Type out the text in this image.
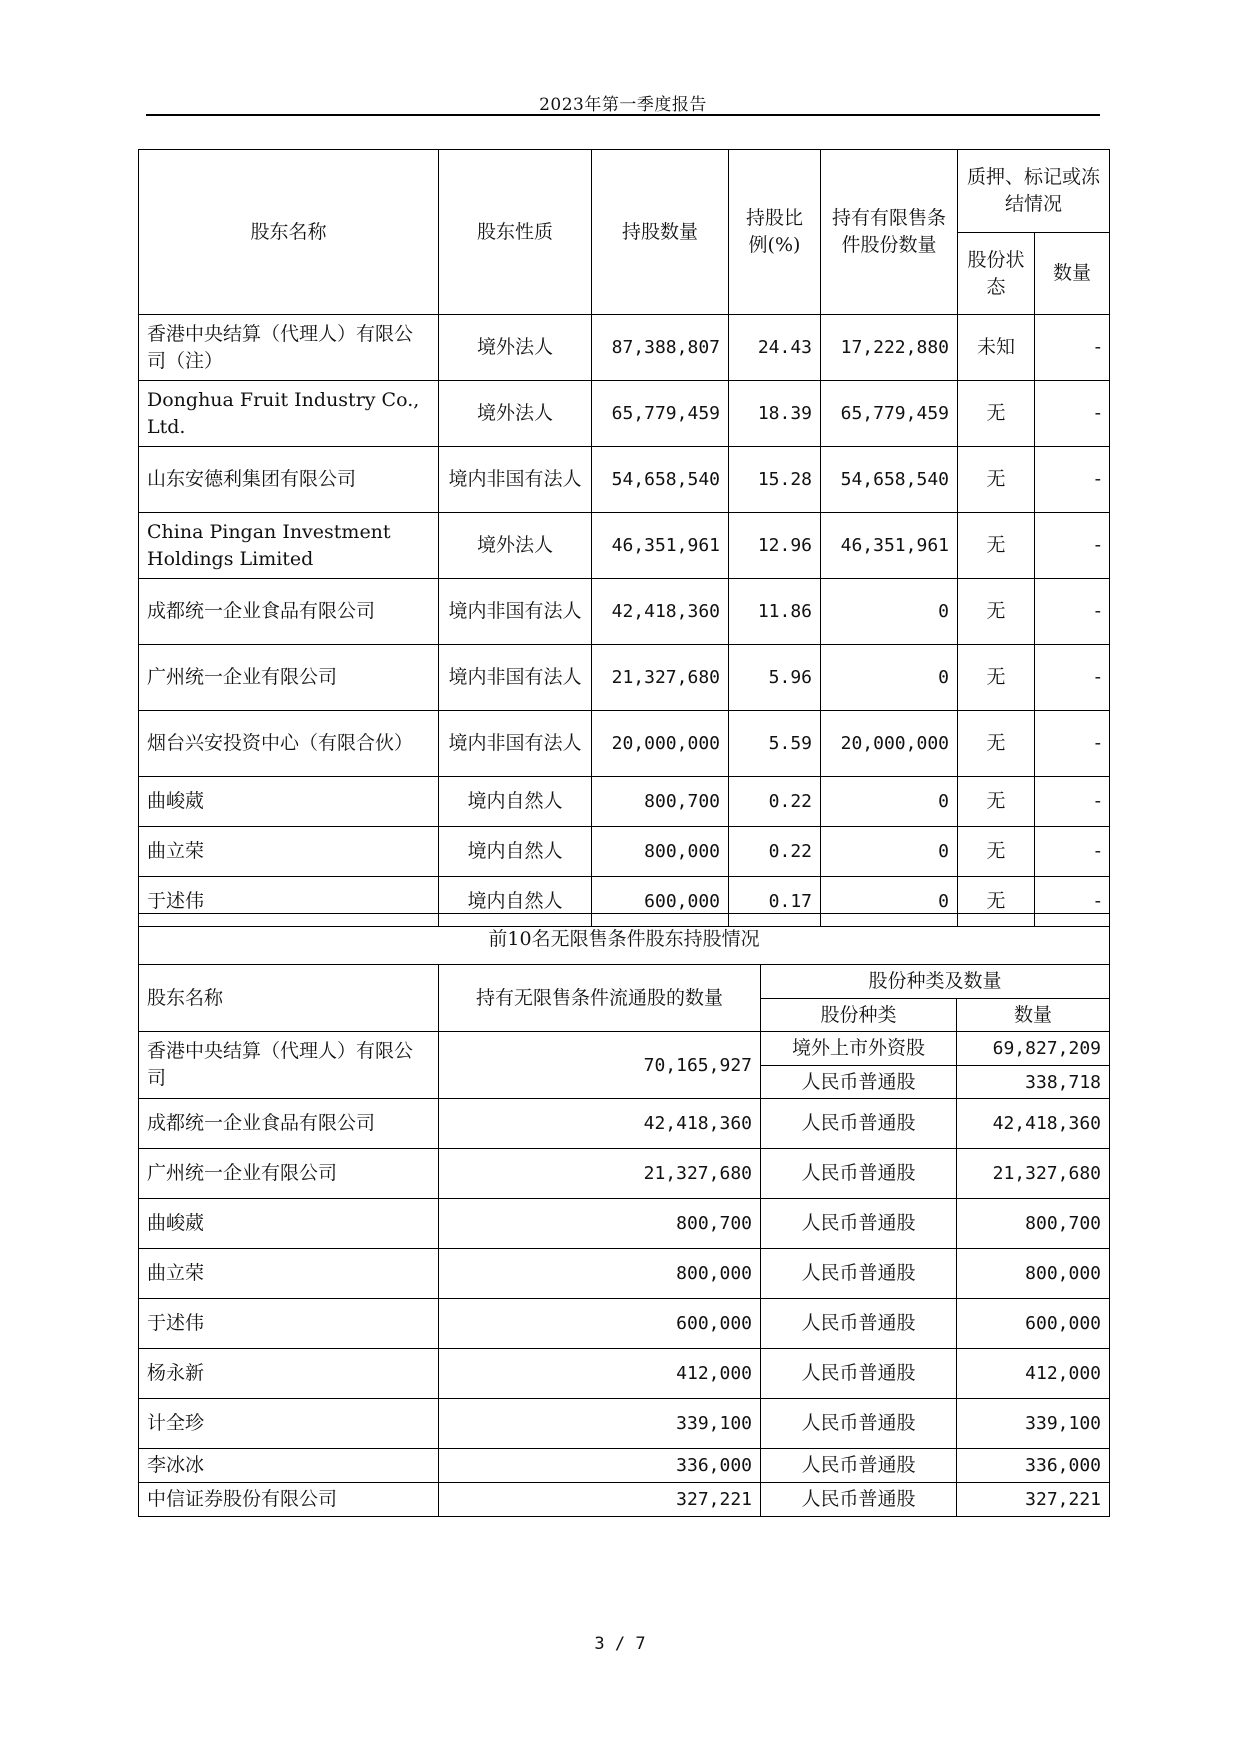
2023年第一季度报告
股东名称	股东性质	持股数量	持股比例(%)	持有有限售条件股份数量	质押、标记或冻结情况	
					股份状态	数量
香港中央结算（代理人）有限公司（注）	境外法人	87,388,807	24.43	17,222,880	未知	-
Donghua Fruit Industry Co., Ltd.	境外法人	65,779,459	18.39	65,779,459	无	-
山东安德利集团有限公司	境内非国有法人	54,658,540	15.28	54,658,540	无	-
China Pingan Investment Holdings Limited	境外法人	46,351,961	12.96	46,351,961	无	-
成都统一企业食品有限公司	境内非国有法人	42,418,360	11.86	0	无	-
广州统一企业有限公司	境内非国有法人	21,327,680	5.96	0	无	-
烟台兴安投资中心（有限合伙）	境内非国有法人	20,000,000	5.59	20,000,000	无	-
曲峻葳	境内自然人	800,700	0.22	0	无	-
曲立荣	境内自然人	800,000	0.22	0	无	-
于述伟	境内自然人	600,000	0.17	0	无	-
前10名无限售条件股东持股情况			
股东名称	持有无限售条件流通股的数量	股份种类及数量	
		股份种类	数量
香港中央结算（代理人）有限公司	70,165,927	境外上市外资股	69,827,209
		人民币普通股	338,718
成都统一企业食品有限公司	42,418,360	人民币普通股	42,418,360
广州统一企业有限公司	21,327,680	人民币普通股	21,327,680
曲峻葳	800,700	人民币普通股	800,700
曲立荣	800,000	人民币普通股	800,000
于述伟	600,000	人民币普通股	600,000
杨永新	412,000	人民币普通股	412,000
计全珍	339,100	人民币普通股	339,100
李冰冰	336,000	人民币普通股	336,000
中信证券股份有限公司	327,221	人民币普通股	327,221
3 / 7
